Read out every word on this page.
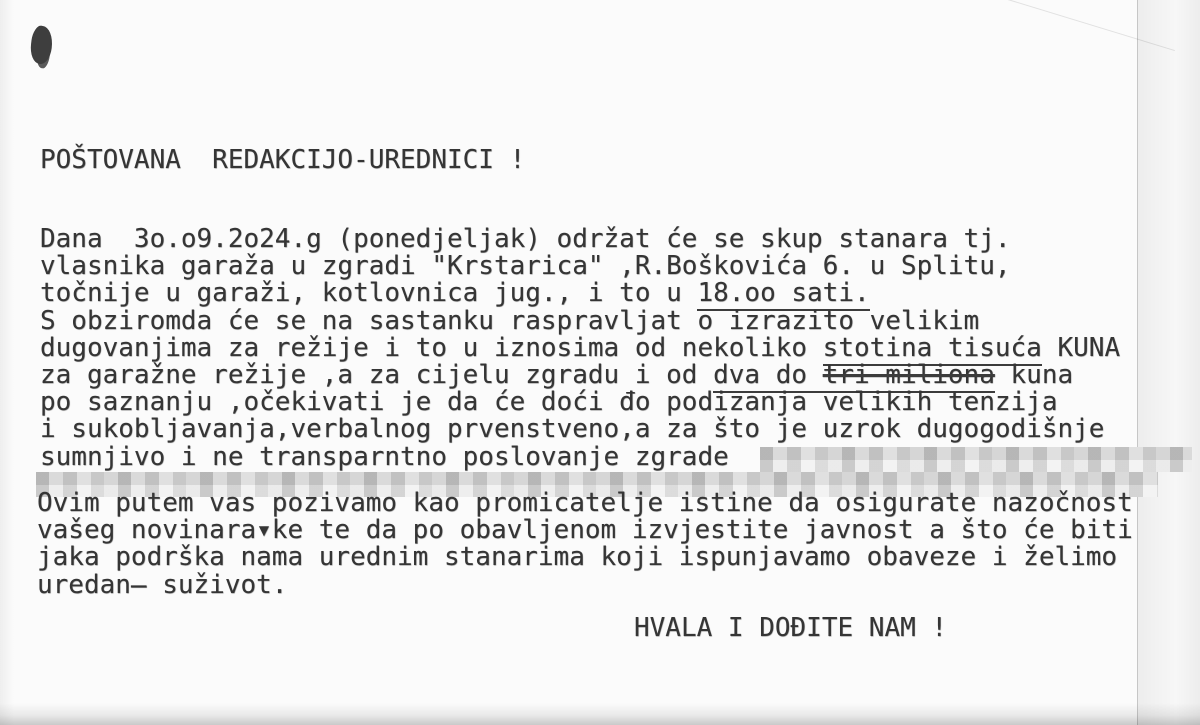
POŠTOVANA  REDAKCIJO-UREDNICI !
Dana  3o.o9.2o24.g (ponedjeljak) održat će se skup stanara tj.
vlasnika garaža u zgradi "Krstarica" ,R.Boškovića 6. u Splitu,
točnije u garaži, kotlovnica jug., i to u 18.oo sati.
S obziromda će se na sastanku raspravljat o izrazito velikim
dugovanjima za režije i to u iznosima od nekoliko stotina tisuća KUNA
za garažne režije ,a za cijelu zgradu i od dva do tri miliona kuna
po saznanju ,očekivati je da će doći đo podizanja velikih tenzija
i sukobljavanja,verbalnog prvenstveno,a za što je uzrok dugogodišnje
sumnjivo i ne transparntno poslovanje zgrade
Ovim putem vas pozivamo kao promicatelje istine da osigurate nazočnost
vašeg novinara▾ke te da po obavljenom izvjestite javnost a što će biti
jaka podrška nama urednim stanarima koji ispunjavamo obaveze i želimo
uredan̶ suživot.
HVALA I DOĐITE NAM !
